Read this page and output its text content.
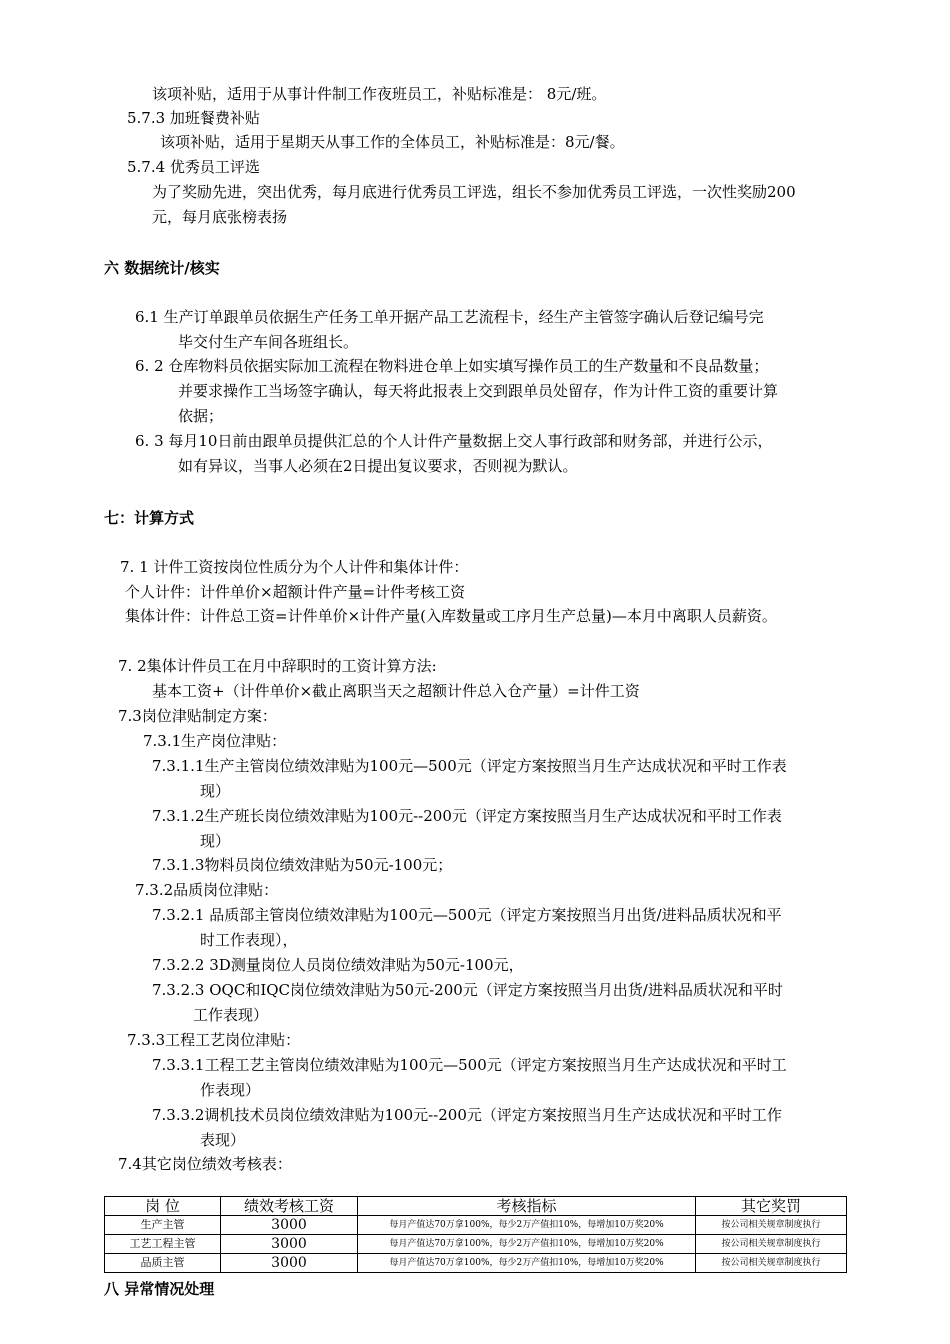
该项补贴，适用于从事计件制工作夜班员工，补贴标准是： 8元/班。
5.7.3 加班餐费补贴
该项补贴，适用于星期天从事工作的全体员工，补贴标准是：8元/餐。
5.7.4 优秀员工评选
为了奖励先进，突出优秀，每月底进行优秀员工评选，组长不参加优秀员工评选，一次性奖励200
元，每月底张榜表扬
六 数据统计/核实
6.1 生产订单跟单员依据生产任务工单开据产品工艺流程卡，经生产主管签字确认后登记编号完
毕交付生产车间各班组长。
6. 2 仓库物料员依据实际加工流程在物料进仓单上如实填写操作员工的生产数量和不良品数量；
并要求操作工当场签字确认，每天将此报表上交到跟单员处留存，作为计件工资的重要计算
依据；
6. 3 每月10日前由跟单员提供汇总的个人计件产量数据上交人事行政部和财务部，并进行公示，
如有异议，当事人必须在2日提出复议要求，否则视为默认。
七：计算方式
7. 1 计件工资按岗位性质分为个人计件和集体计件：
个人计件：计件单价×超额计件产量=计件考核工资
集体计件：计件总工资=计件单价×计件产量(入库数量或工序月生产总量)—本月中离职人员薪资。
7. 2集体计件员工在月中辞职时的工资计算方法:
基本工资+（计件单价×截止离职当天之超额计件总入仓产量）=计件工资
7.3岗位津贴制定方案：
7.3.1生产岗位津贴：
7.3.1.1生产主管岗位绩效津贴为100元—500元（评定方案按照当月生产达成状况和平时工作表
现）
7.3.1.2生产班长岗位绩效津贴为100元--200元（评定方案按照当月生产达成状况和平时工作表
现）
7.3.1.3物料员岗位绩效津贴为50元-100元；
7.3.2品质岗位津贴：
7.3.2.1 品质部主管岗位绩效津贴为100元—500元（评定方案按照当月出货/进料品质状况和平
时工作表现），
7.3.2.2 3D测量岗位人员岗位绩效津贴为50元-100元，
7.3.2.3 OQC和IQC岗位绩效津贴为50元-200元（评定方案按照当月出货/进料品质状况和平时
工作表现）
7.3.3工程工艺岗位津贴：
7.3.3.1工程工艺主管岗位绩效津贴为100元—500元（评定方案按照当月生产达成状况和平时工
作表现）
7.3.3.2调机技术员岗位绩效津贴为100元--200元（评定方案按照当月生产达成状况和平时工作
表现）
7.4其它岗位绩效考核表：
岗 位	绩效考核工资	考核指标	其它奖罚
生产主管	3000	每月产值达70万拿100%，每少2万产值扣10%，每增加10万奖20%	按公司相关规章制度执行
工艺工程主管	3000	每月产值达70万拿100%，每少2万产值扣10%，每增加10万奖20%	按公司相关规章制度执行
品质主管	3000	每月产值达70万拿100%，每少2万产值扣10%，每增加10万奖20%	按公司相关规章制度执行
八 异常情况处理
